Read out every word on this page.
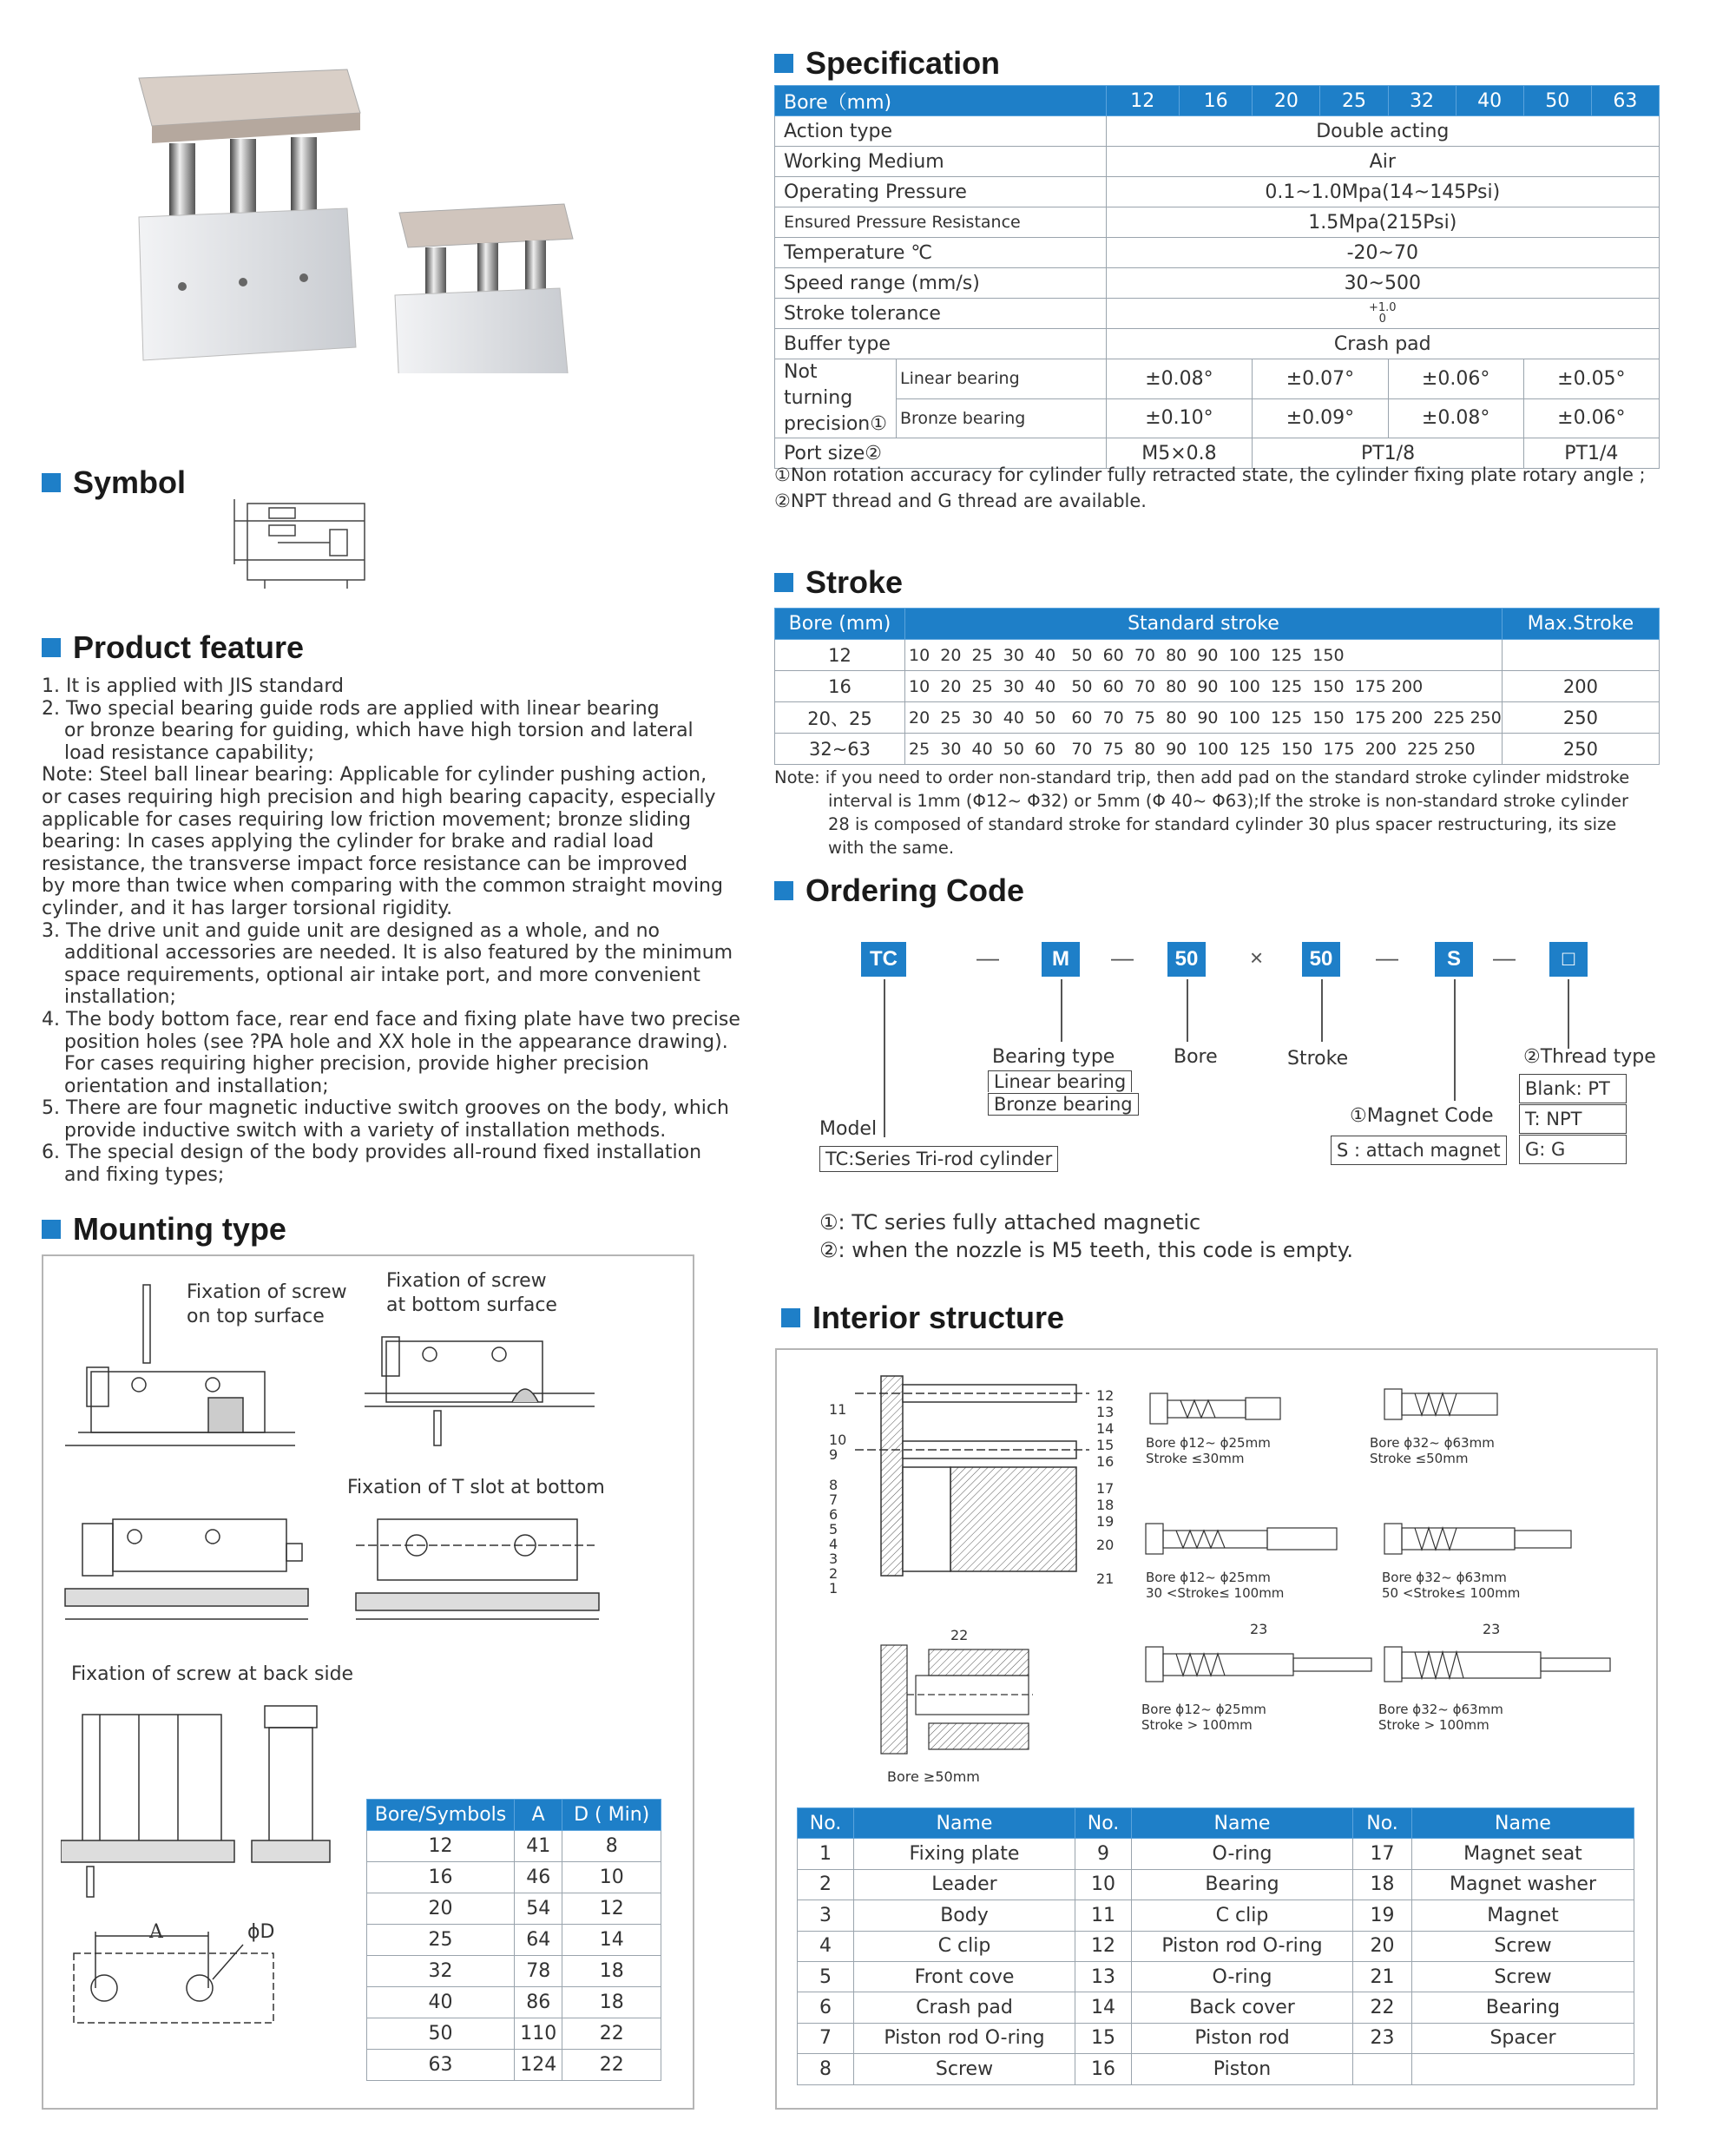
Symbol
Product feature

1. It is applied with JIS standard

2. Two special bearing guide rods are applied with linear bearing

or bronze bearing for guiding, which have high torsion and lateral

load resistance capability;

Note: Steel ball linear bearing: Applicable for cylinder pushing action,

or cases requiring high precision and high bearing capacity, especially

applicable for cases requiring low friction movement; bronze sliding

bearing: In cases applying the cylinder for brake and radial load

resistance, the transverse impact force resistance can be improved

by more than twice when comparing with the common straight moving

cylinder, and it has larger torsional rigidity.

3. The drive unit and guide unit are designed as a whole, and no

additional accessories are needed. It is also featured by the minimum

space requirements, optional air intake port, and more convenient

installation;

4. The body bottom face, rear end face and fixing plate have two precise

position holes (see ?PA hole and XX hole in the appearance drawing).

For cases requiring higher precision, provide higher precision

orientation and installation;

5. There are four magnetic inductive switch grooves on the body, which

provide inductive switch with a variety of installation methods.

6. The special design of the body provides all-round fixed installation

and fixing types;

Mounting type
Fixation of screw
on top surface
Fixation of screw
at bottom surface
Fixation of T slot at bottom
Fixation of screw at back side
A	ϕD
Bore/Symbols	A	D ( Min)
12	41	8
16	46	10
20	54	12
25	64	14
32	78	18
40	86	18
50	110	22
63	124	22
Specification
Bore（mm)		12	16	20	25	32	40	50	63
Action type		Double acting							
Working Medium		Air							
Operating Pressure		0.1~1.0Mpa(14~145Psi)							
Ensured Pressure Resistance		1.5Mpa(215Psi)							
Temperature ℃		-20~70							
Speed range (mm/s)		30~500							
Stroke tolerance		+1.0
0							

Buffer type		Crash pad							

Not turning
precision①	Linear bearing	±0.08°		±0.07°		±0.06°		±0.05°	
	Bronze bearing	±0.10°		±0.09°		±0.08°		±0.06°	
Port size②		M5×0.8		PT1/8				PT1/4	
①Non rotation accuracy for cylinder fully retracted state, the cylinder fixing plate rotary angle ;
②NPT thread and G thread are available.
Stroke
Bore (mm)	Standard stroke	Max.Stroke
12	10  20  25  30  40   50  60  70  80  90  100  125  150	
16	10  20  25  30  40   50  60  70  80  90  100  125  150  175 200	200
20、25	20  25  30  40  50   60  70  75  80  90  100  125  150  175 200  225 250	250
32~63	25  30  40  50  60   70  75  80  90  100  125  150  175  200  225 250	250
Note: if you need to order non-standard trip, then add pad on the standard stroke cylinder midstroke
interval is 1mm (Φ12~ Φ32) or 5mm (Φ 40~ Φ63);If the stroke is non-standard stroke cylinder
28 is composed of standard stroke for standard cylinder 30 plus spacer restructuring, its size
with the same.
Ordering Code
TC	—	M	—	50	×	50	—	S	—	□
Bearing type
Linear bearing
Bronze bearing
Bore	Stroke	②Thread type
Blank: PT
T: NPT
G: G
①Magnet Code
S : attach magnet
Model
TC:Series Tri-rod cylinder
①: TC series fully attached magnetic
②: when the nozzle is M5 teeth, this code is empty.
Interior structure
11
10
9
8
7
6
5
4
3
2
1
12
13
14
15
16
17
18
19
20
21
Bore ϕ12~ ϕ25mm
Stroke ≤30mm
Bore ϕ32~ ϕ63mm
Stroke ≤50mm
Bore ϕ12~ ϕ25mm
30 <Stroke≤ 100mm
Bore ϕ32~ ϕ63mm
50 <Stroke≤ 100mm
23
Bore ϕ12~ ϕ25mm
Stroke > 100mm
23
Bore ϕ32~ ϕ63mm
Stroke > 100mm
22
Bore ≥50mm
No.	Name	No.	Name	No.	Name
1	Fixing plate	9	O-ring	17	Magnet seat
2	Leader	10	Bearing	18	Magnet washer
3	Body	11	C clip	19	Magnet
4	C clip	12	Piston rod O-ring	20	Screw
5	Front cove	13	O-ring	21	Screw
6	Crash pad	14	Back cover	22	Bearing
7	Piston rod O-ring	15	Piston rod	23	Spacer
8	Screw	16	Piston		
